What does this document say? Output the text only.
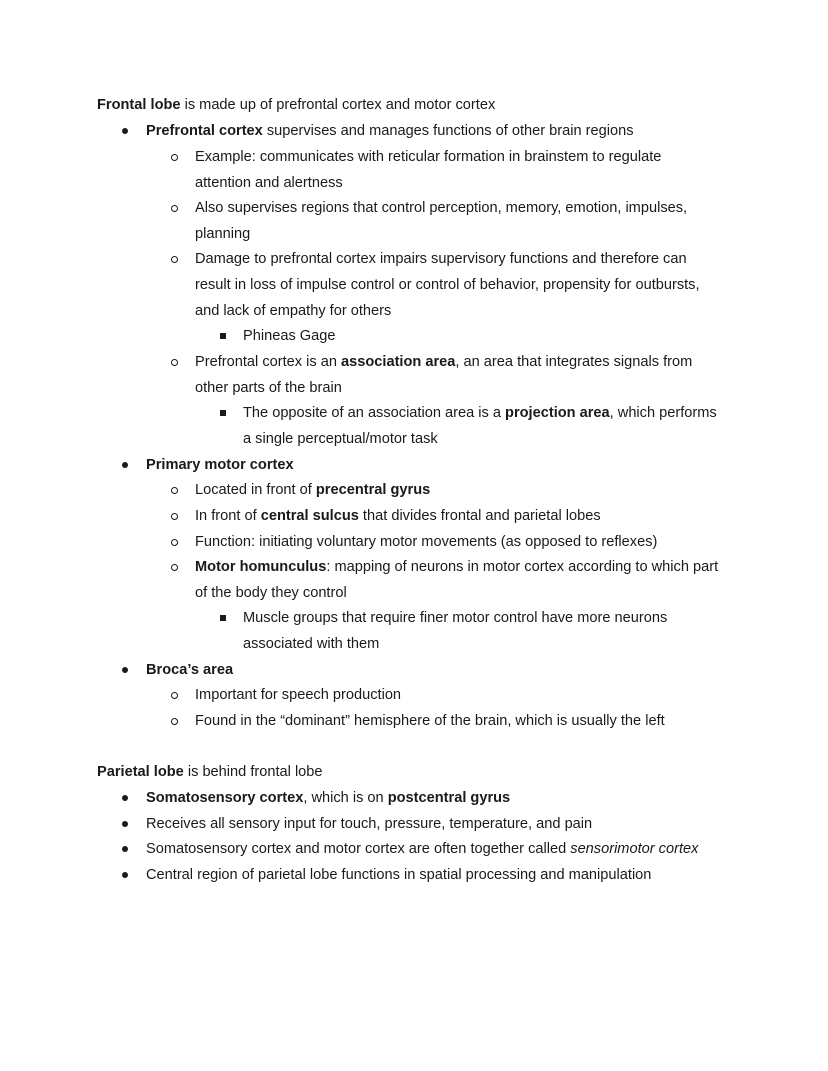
Frontal lobe is made up of prefrontal cortex and motor cortex
Prefrontal cortex supervises and manages functions of other brain regions
Example: communicates with reticular formation in brainstem to regulate
attention and alertness
Also supervises regions that control perception, memory, emotion, impulses,
planning
Damage to prefrontal cortex impairs supervisory functions and therefore can
result in loss of impulse control or control of behavior, propensity for outbursts,
and lack of empathy for others
Phineas Gage
Prefrontal cortex is an association area, an area that integrates signals from
other parts of the brain
The opposite of an association area is a projection area, which performs
a single perceptual/motor task
Primary motor cortex
Located in front of precentral gyrus
In front of central sulcus that divides frontal and parietal lobes
Function: initiating voluntary motor movements (as opposed to reflexes)
Motor homunculus: mapping of neurons in motor cortex according to which part
of the body they control
Muscle groups that require finer motor control have more neurons
associated with them
Broca’s area
Important for speech production
Found in the “dominant” hemisphere of the brain, which is usually the left
Parietal lobe is behind frontal lobe
Somatosensory cortex, which is on postcentral gyrus
Receives all sensory input for touch, pressure, temperature, and pain
Somatosensory cortex and motor cortex are often together called sensorimotor cortex
Central region of parietal lobe functions in spatial processing and manipulation
